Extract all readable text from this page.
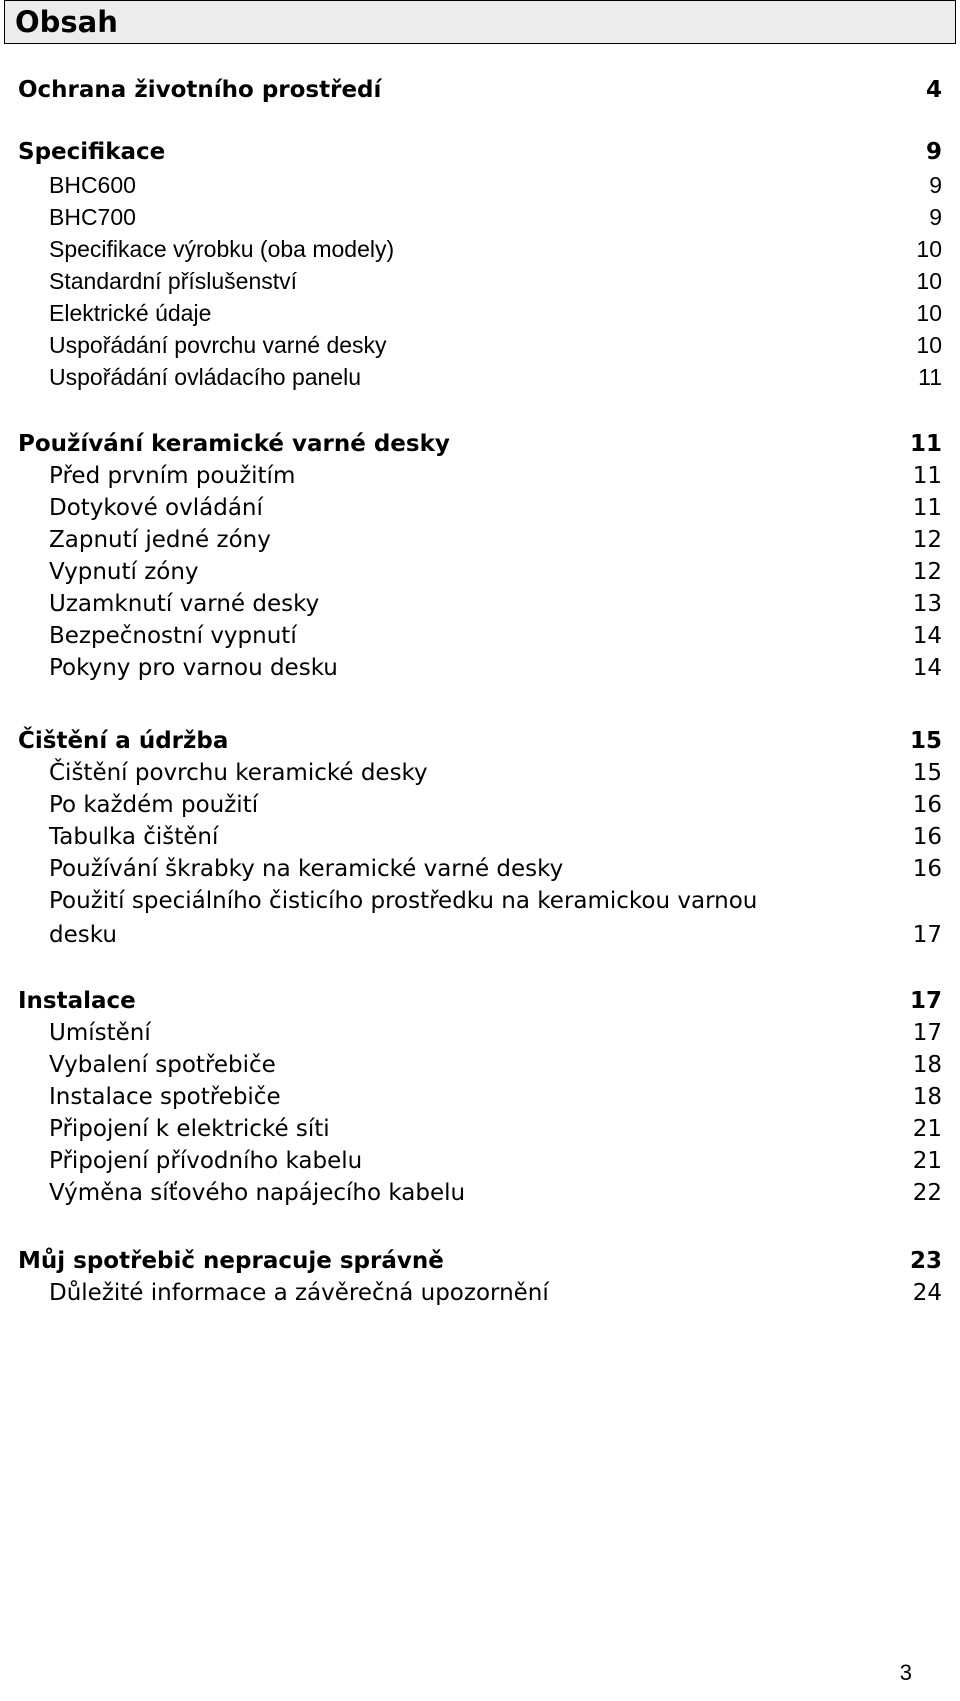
Obsah
Ochrana životního prostředí	4
Specifikace	9
BHC600	9
BHC700	9
Specifikace výrobku (oba modely)	10
Standardní příslušenství	10
Elektrické údaje	10
Uspořádání povrchu varné desky	10
Uspořádání ovládacího panelu	11
Používání keramické varné desky	11
Před prvním použitím	11
Dotykové ovládání	11
Zapnutí jedné zóny	12
Vypnutí zóny	12
Uzamknutí varné desky	13
Bezpečnostní vypnutí	14
Pokyny pro varnou desku	14
Čištění a údržba	15
Čištění povrchu keramické desky	15
Po každém použití	16
Tabulka čištění	16
Používání škrabky na keramické varné desky	16
Použití speciálního čisticího prostředku na keramickou varnou
desku	17
Instalace	17
Umístění	17
Vybalení spotřebiče	18
Instalace spotřebiče	18
Připojení k elektrické síti	21
Připojení přívodního kabelu	21
Výměna síťového napájecího kabelu	22
Můj spotřebič nepracuje správně	23
Důležité informace a závěrečná upozornění	24
3
